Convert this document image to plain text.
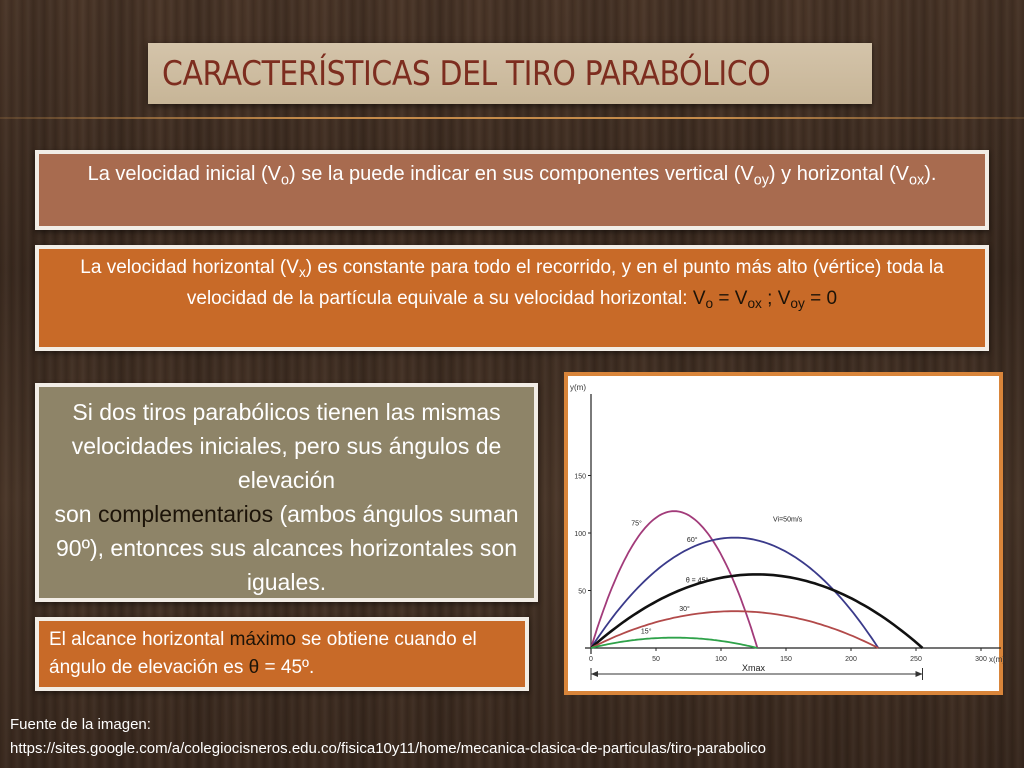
CARACTERÍSTICAS DEL TIRO PARABÓLICO
La velocidad inicial $(V_o)$ se la puede indicar en sus componentes vertical $(V_{oy})$ y horizontal $(V_{ox})$.
La velocidad horizontal $(V_x)$ es constante para todo el recorrido, y en el punto más alto (vértice) toda la velocidad de la partícula equivale a su velocidad horizontal: $V_o = V_{ox}$ ; $V_{oy} = 0$
Si dos tiros parabólicos tienen las mismas velocidades iniciales, pero sus ángulos de elevación
son complementarios (ambos ángulos suman 90º), entonces sus alcances horizontales son iguales.
El alcance horizontal máximo se obtiene cuando el ángulo de elevación es θ = 45º.
y(m)
x(m)
0	50	100	150	200	250	300
50
100
150
75°
60°
θ = 45°
30°
15°
Vi=50m/s
Xmax
Fuente de la imagen:
https://sites.google.com/a/colegiocisneros.edu.co/fisica10y11/home/mecanica-clasica-de-particulas/tiro-parabolico
